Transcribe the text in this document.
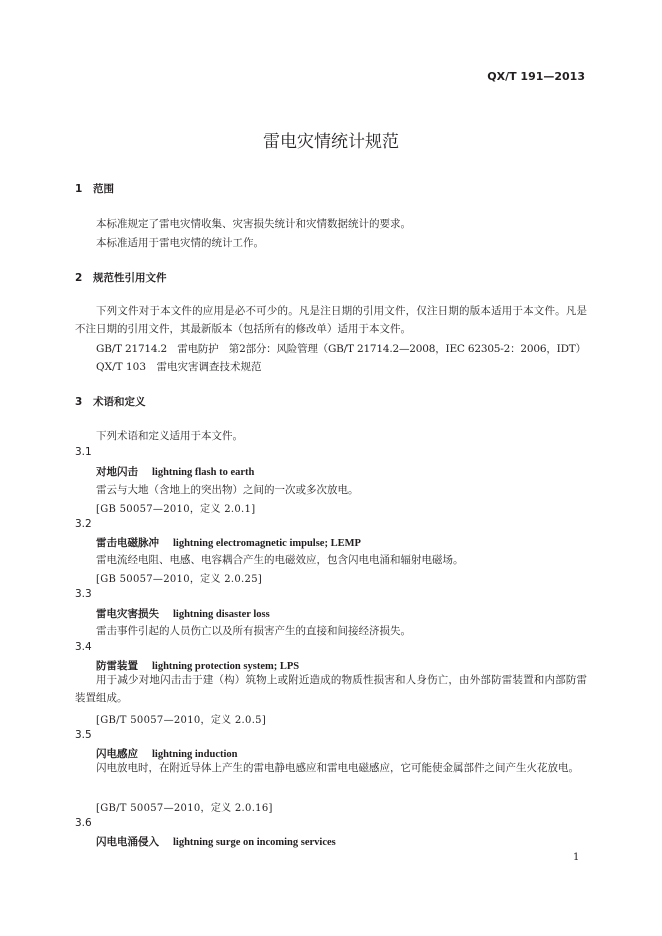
QX/T 191—2013
雷电灾情统计规范
1 范围
本标准规定了雷电灾情收集、灾害损失统计和灾情数据统计的要求。
本标准适用于雷电灾情的统计工作。
2 规范性引用文件
下列文件对于本文件的应用是必不可少的。凡是注日期的引用文件，仅注日期的版本适用于本文件。凡是不注日期的引用文件，其最新版本（包括所有的修改单）适用于本文件。
GB/T 21714.2　雷电防护　第2部分：风险管理（GB/T 21714.2—2008，IEC 62305-2：2006，IDT）
QX/T 103　雷电灾害调查技术规范
3 术语和定义
下列术语和定义适用于本文件。
3.1
对地闪击 lightning flash to earth
雷云与大地（含地上的突出物）之间的一次或多次放电。
[GB 50057—2010，定义 2.0.1]
3.2
雷击电磁脉冲 lightning electromagnetic impulse; LEMP
雷电流经电阻、电感、电容耦合产生的电磁效应，包含闪电电涌和辐射电磁场。
[GB 50057—2010，定义 2.0.25]
3.3
雷电灾害损失 lightning disaster loss
雷击事件引起的人员伤亡以及所有损害产生的直接和间接经济损失。
3.4
防雷装置 lightning protection system; LPS
用于减少对地闪击击于建（构）筑物上或附近造成的物质性损害和人身伤亡，由外部防雷装置和内部防雷装置组成。
[GB/T 50057—2010，定义 2.0.5]
3.5
闪电感应 lightning induction
闪电放电时，在附近导体上产生的雷电静电感应和雷电电磁感应，它可能使金属部件之间产生火花放电。
[GB/T 50057—2010，定义 2.0.16]
3.6
闪电电涌侵入 lightning surge on incoming services
1
